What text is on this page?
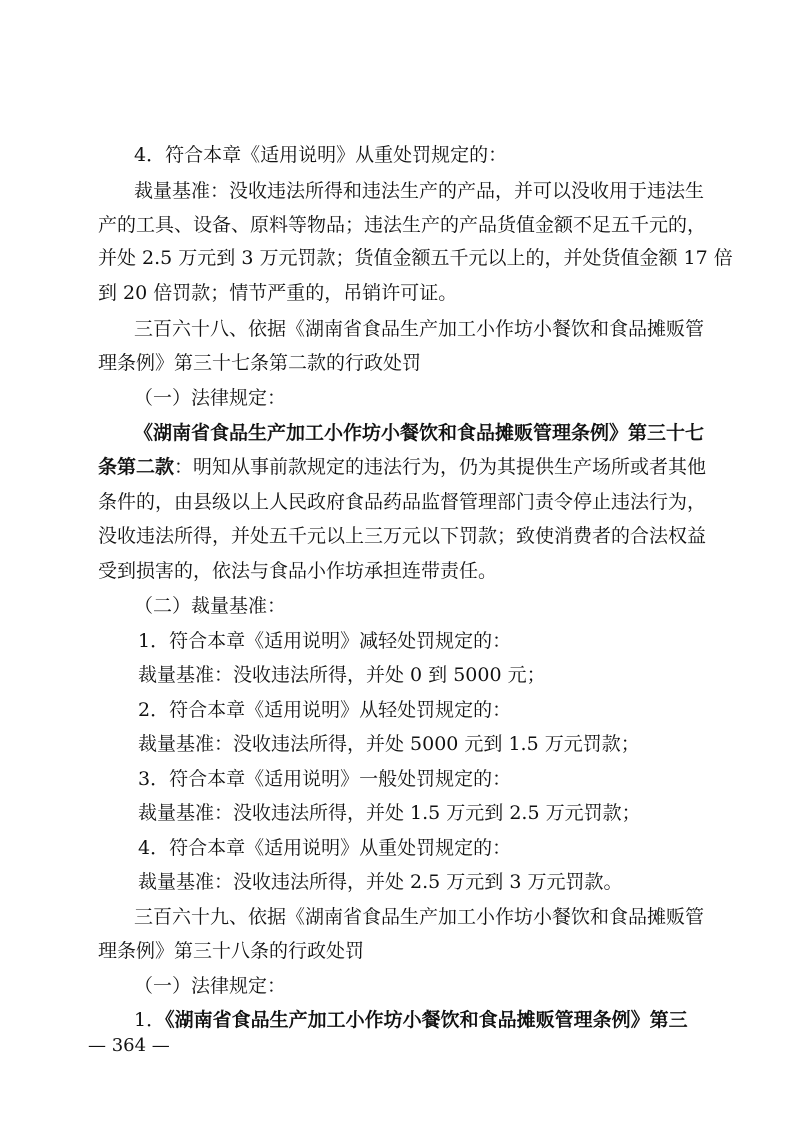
4．符合本章《适用说明》从重处罚规定的：
裁量基准：没收违法所得和违法生产的产品，并可以没收用于违法生
产的工具、设备、原料等物品；违法生产的产品货值金额不足五千元的，
并处 2.5 万元到 3 万元罚款；货值金额五千元以上的，并处货值金额 17 倍
到 20 倍罚款；情节严重的，吊销许可证。
三百六十八、依据《湖南省食品生产加工小作坊小餐饮和食品摊贩管
理条例》第三十七条第二款的行政处罚
（一）法律规定：
《湖南省食品生产加工小作坊小餐饮和食品摊贩管理条例》第三十七
条第二款：明知从事前款规定的违法行为，仍为其提供生产场所或者其他
条件的，由县级以上人民政府食品药品监督管理部门责令停止违法行为，
没收违法所得，并处五千元以上三万元以下罚款；致使消费者的合法权益
受到损害的，依法与食品小作坊承担连带责任。
（二）裁量基准：
1．符合本章《适用说明》减轻处罚规定的：
裁量基准：没收违法所得，并处 0 到 5000 元；
2．符合本章《适用说明》从轻处罚规定的：
裁量基准：没收违法所得，并处 5000 元到 1.5 万元罚款；
3．符合本章《适用说明》一般处罚规定的：
裁量基准：没收违法所得，并处 1.5 万元到 2.5 万元罚款；
4．符合本章《适用说明》从重处罚规定的：
裁量基准：没收违法所得，并处 2.5 万元到 3 万元罚款。
三百六十九、依据《湖南省食品生产加工小作坊小餐饮和食品摊贩管
理条例》第三十八条的行政处罚
（一）法律规定：
1．《湖南省食品生产加工小作坊小餐饮和食品摊贩管理条例》第三
— 364 —
